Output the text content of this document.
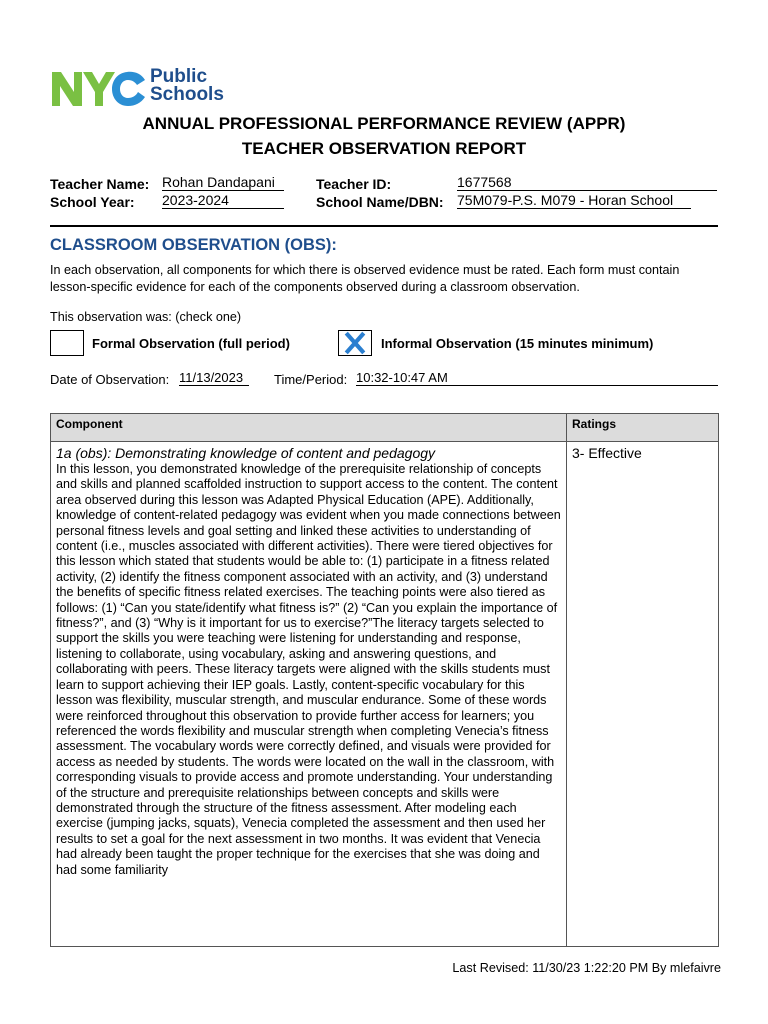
Public
Schools
ANNUAL PROFESSIONAL PERFORMANCE REVIEW (APPR)
TEACHER OBSERVATION REPORT
Teacher Name: Rohan Dandapani	Teacher ID:	1677568
School Year: 2023-2024	School Name/DBN: 75M079-P.S. M079 - Horan School
CLASSROOM OBSERVATION (OBS):
In each observation, all components for which there is observed evidence must be rated. Each form must contain lesson-specific evidence for each of the components observed during a classroom observation.
This observation was: (check one)
Formal Observation (full period)	Informal Observation (15 minutes minimum)
Date of Observation: 11/13/2023	Time/Period: 10:32-10:47 AM
Component	Ratings

1a (obs): Demonstrating knowledge of content and pedagogy
In this lesson, you demonstrated knowledge of the prerequisite relationship of concepts and skills and planned scaffolded instruction to support access to the content. The content area observed during this lesson was Adapted Physical Education (APE). Additionally, knowledge of content-related pedagogy was evident when you made connections between personal fitness levels and goal setting and linked these activities to understanding of content (i.e., muscles associated with different activities). There were tiered objectives for this lesson which stated that students would be able to: (1) participate in a fitness related activity, (2) identify the fitness component associated with an activity, and (3) understand the benefits of specific fitness related exercises. The teaching points were also tiered as follows: (1) “Can you state/identify what fitness is?” (2) “Can you explain the importance of fitness?”, and (3) “Why is it important for us to exercise?”The literacy targets selected to support the skills you were teaching were listening for understanding and response, listening to collaborate, using vocabulary, asking and answering questions, and collaborating with peers. These literacy targets were aligned with the skills students must learn to support achieving their IEP goals. Lastly, content-specific vocabulary for this lesson was flexibility, muscular strength, and muscular endurance. Some of these words were reinforced throughout this observation to provide further access for learners; you referenced the words flexibility and muscular strength when completing Venecia’s fitness assessment. The vocabulary words were correctly defined, and visuals were provided for access as needed by students. The words were located on the wall in the classroom, with corresponding visuals to provide access and promote understanding. Your understanding of the structure and prerequisite relationships between concepts and skills were demonstrated through the structure of the fitness assessment. After modeling each exercise (jumping jacks, squats), Venecia completed the assessment and then used her results to set a goal for the next assessment in two months. It was evident that Venecia had already been taught the proper technique for the exercises that she was doing and had some familiarity	3- Effective
Last Revised: 11/30/23 1:22:20 PM By mlefaivre
